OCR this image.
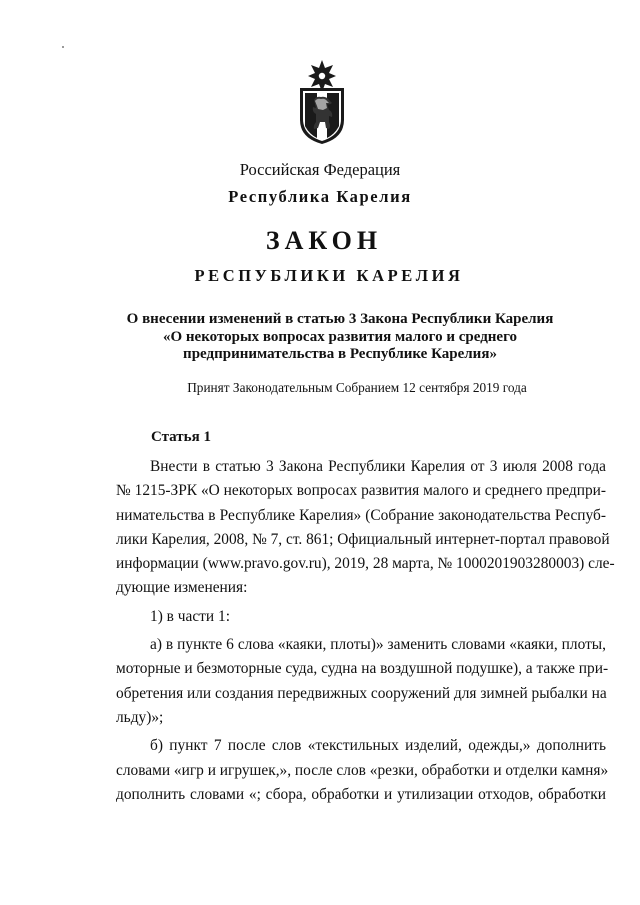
Российская Федерация
Республика Карелия
ЗАКОН
РЕСПУБЛИКИ КАРЕЛИЯ
О внесении изменений в статью 3 Закона Республики Карелия
«О некоторых вопросах развития малого и среднего
предпринимательства в Республике Карелия»
Принят Законодательным Собранием 12 сентября 2019 года
Статья 1
Внести в статью 3 Закона Республики Карелия от 3 июля 2008 года
№ 1215-ЗРК «О некоторых вопросах развития малого и среднего предпри-
нимательства в Республике Карелия» (Собрание законодательства Респуб-
лики Карелия, 2008, № 7, ст. 861; Официальный интернет-портал правовой
информации (www.pravo.gov.ru), 2019, 28 марта, № 1000201903280003) сле-
дующие изменения:
1) в части 1:
а) в пункте 6 слова «каяки, плоты)» заменить словами «каяки, плоты,
моторные и безмоторные суда, судна на воздушной подушке), а также при-
обретения или создания передвижных сооружений для зимней рыбалки на
льду)»;
б) пункт 7 после слов «текстильных изделий, одежды,» дополнить
словами «игр и игрушек,», после слов «резки, обработки и отделки камня»
дополнить словами «; сбора, обработки и утилизации отходов, обработки
